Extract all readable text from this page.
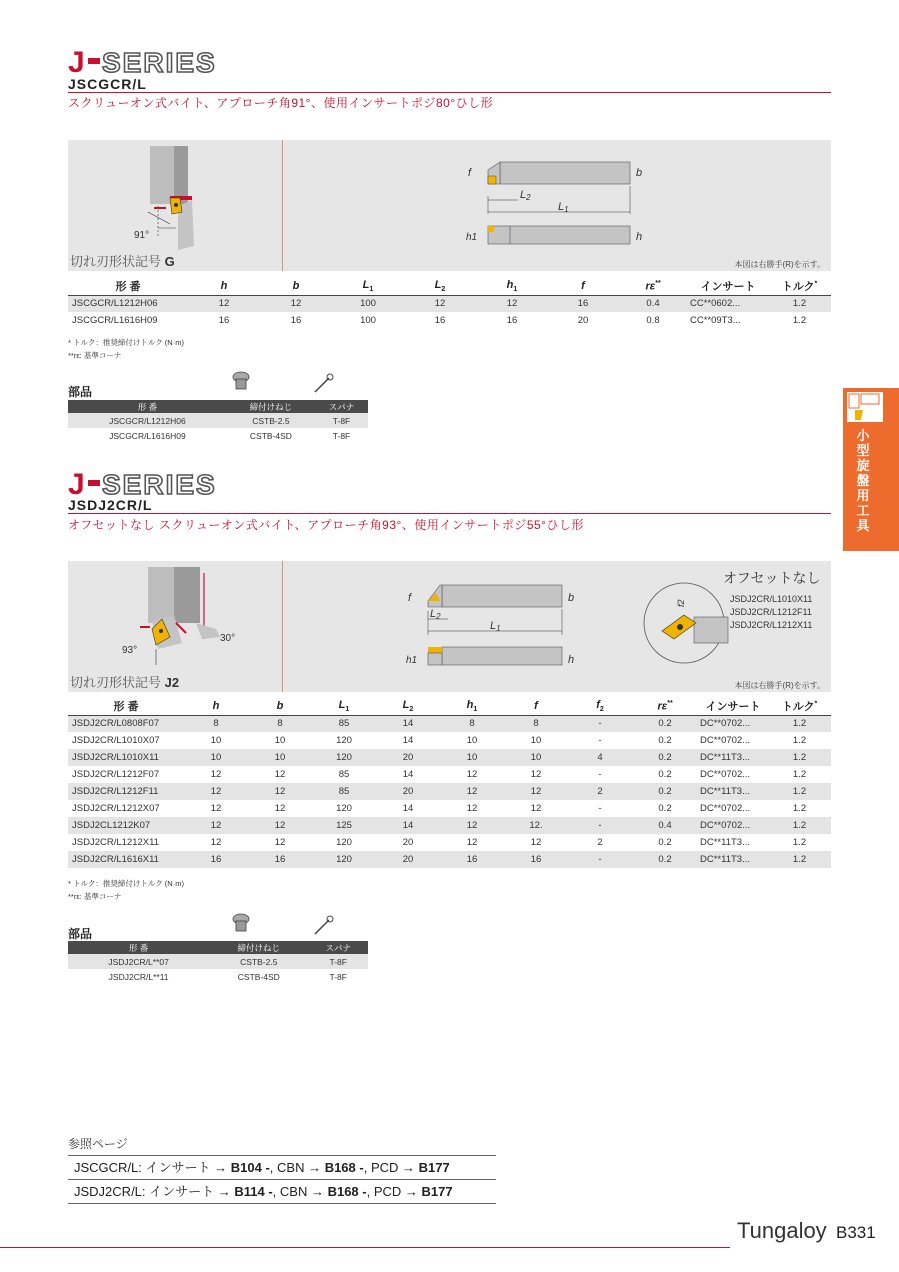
J SERIES
JSCGCR/L
スクリューオン式バイト、アプローチ角91°、使用インサートポジ80°ひし形
91°
L2
L1
f	b
h1	h
切れ刃形状記号 G	本図は右勝手(R)を示す。
形 番	h	b	$L_1$	$L_2$	$h_1$	f	rε**	インサート	トルク*
JSCGCR/L1212H06	12	12	100	12	12	16	0.4	CC**0602...	1.2
JSCGCR/L1616H09	16	16	100	16	16	20	0.8	CC**09T3...	1.2
* トルク：推奨締付けトルク (N·m)
**rε: 基準コーナ
部品
形 番	締付けねじ	スパナ
JSCGCR/L1212H06	CSTB-2.5	T-8F
JSCGCR/L1616H09	CSTB-4SD	T-8F
J SERIES
JSDJ2CR/L
オフセットなし スクリューオン式バイト、アプローチ角93°、使用インサートポジ55°ひし形
93°
30°
L2
L1
f	b
h1	h
オフセットなし
f2	JSDJ2CR/L1010X11
JSDJ2CR/L1212F11
JSDJ2CR/L1212X11
切れ刃形状記号 J2	本図は右勝手(R)を示す。
形 番	h	b	$L_1$	$L_2$	$h_1$	f	$f_2$	rε**	インサート	トルク*
JSDJ2CR/L0808F07	8	8	85	14	8	8	-	0.2	DC**0702...	1.2
JSDJ2CR/L1010X07	10	10	120	14	10	10	-	0.2	DC**0702...	1.2
JSDJ2CR/L1010X11	10	10	120	20	10	10	4	0.2	DC**11T3...	1.2
JSDJ2CR/L1212F07	12	12	85	14	12	12	-	0.2	DC**0702...	1.2
JSDJ2CR/L1212F11	12	12	85	20	12	12	2	0.2	DC**11T3...	1.2
JSDJ2CR/L1212X07	12	12	120	14	12	12	-	0.2	DC**0702...	1.2
JSDJ2CL1212K07	12	12	125	14	12	12.	-	0.4	DC**0702...	1.2
JSDJ2CR/L1212X11	12	12	120	20	12	12	2	0.2	DC**11T3...	1.2
JSDJ2CR/L1616X11	16	16	120	20	16	16	-	0.2	DC**11T3...	1.2
* トルク：推奨締付けトルク (N·m)
**rε: 基準コーナ
部品
形 番	締付けねじ	スパナ
JSDJ2CR/L**07	CSTB-2.5	T-8F
JSDJ2CR/L**11	CSTB-4SD	T-8F
小型旋盤用工具
参照ページ
JSCGCR/L: インサート → B104 -, CBN → B168 -, PCD → B177
JSDJ2CR/L: インサート → B114 -, CBN → B168 -, PCD → B177
Tungaloy B331
